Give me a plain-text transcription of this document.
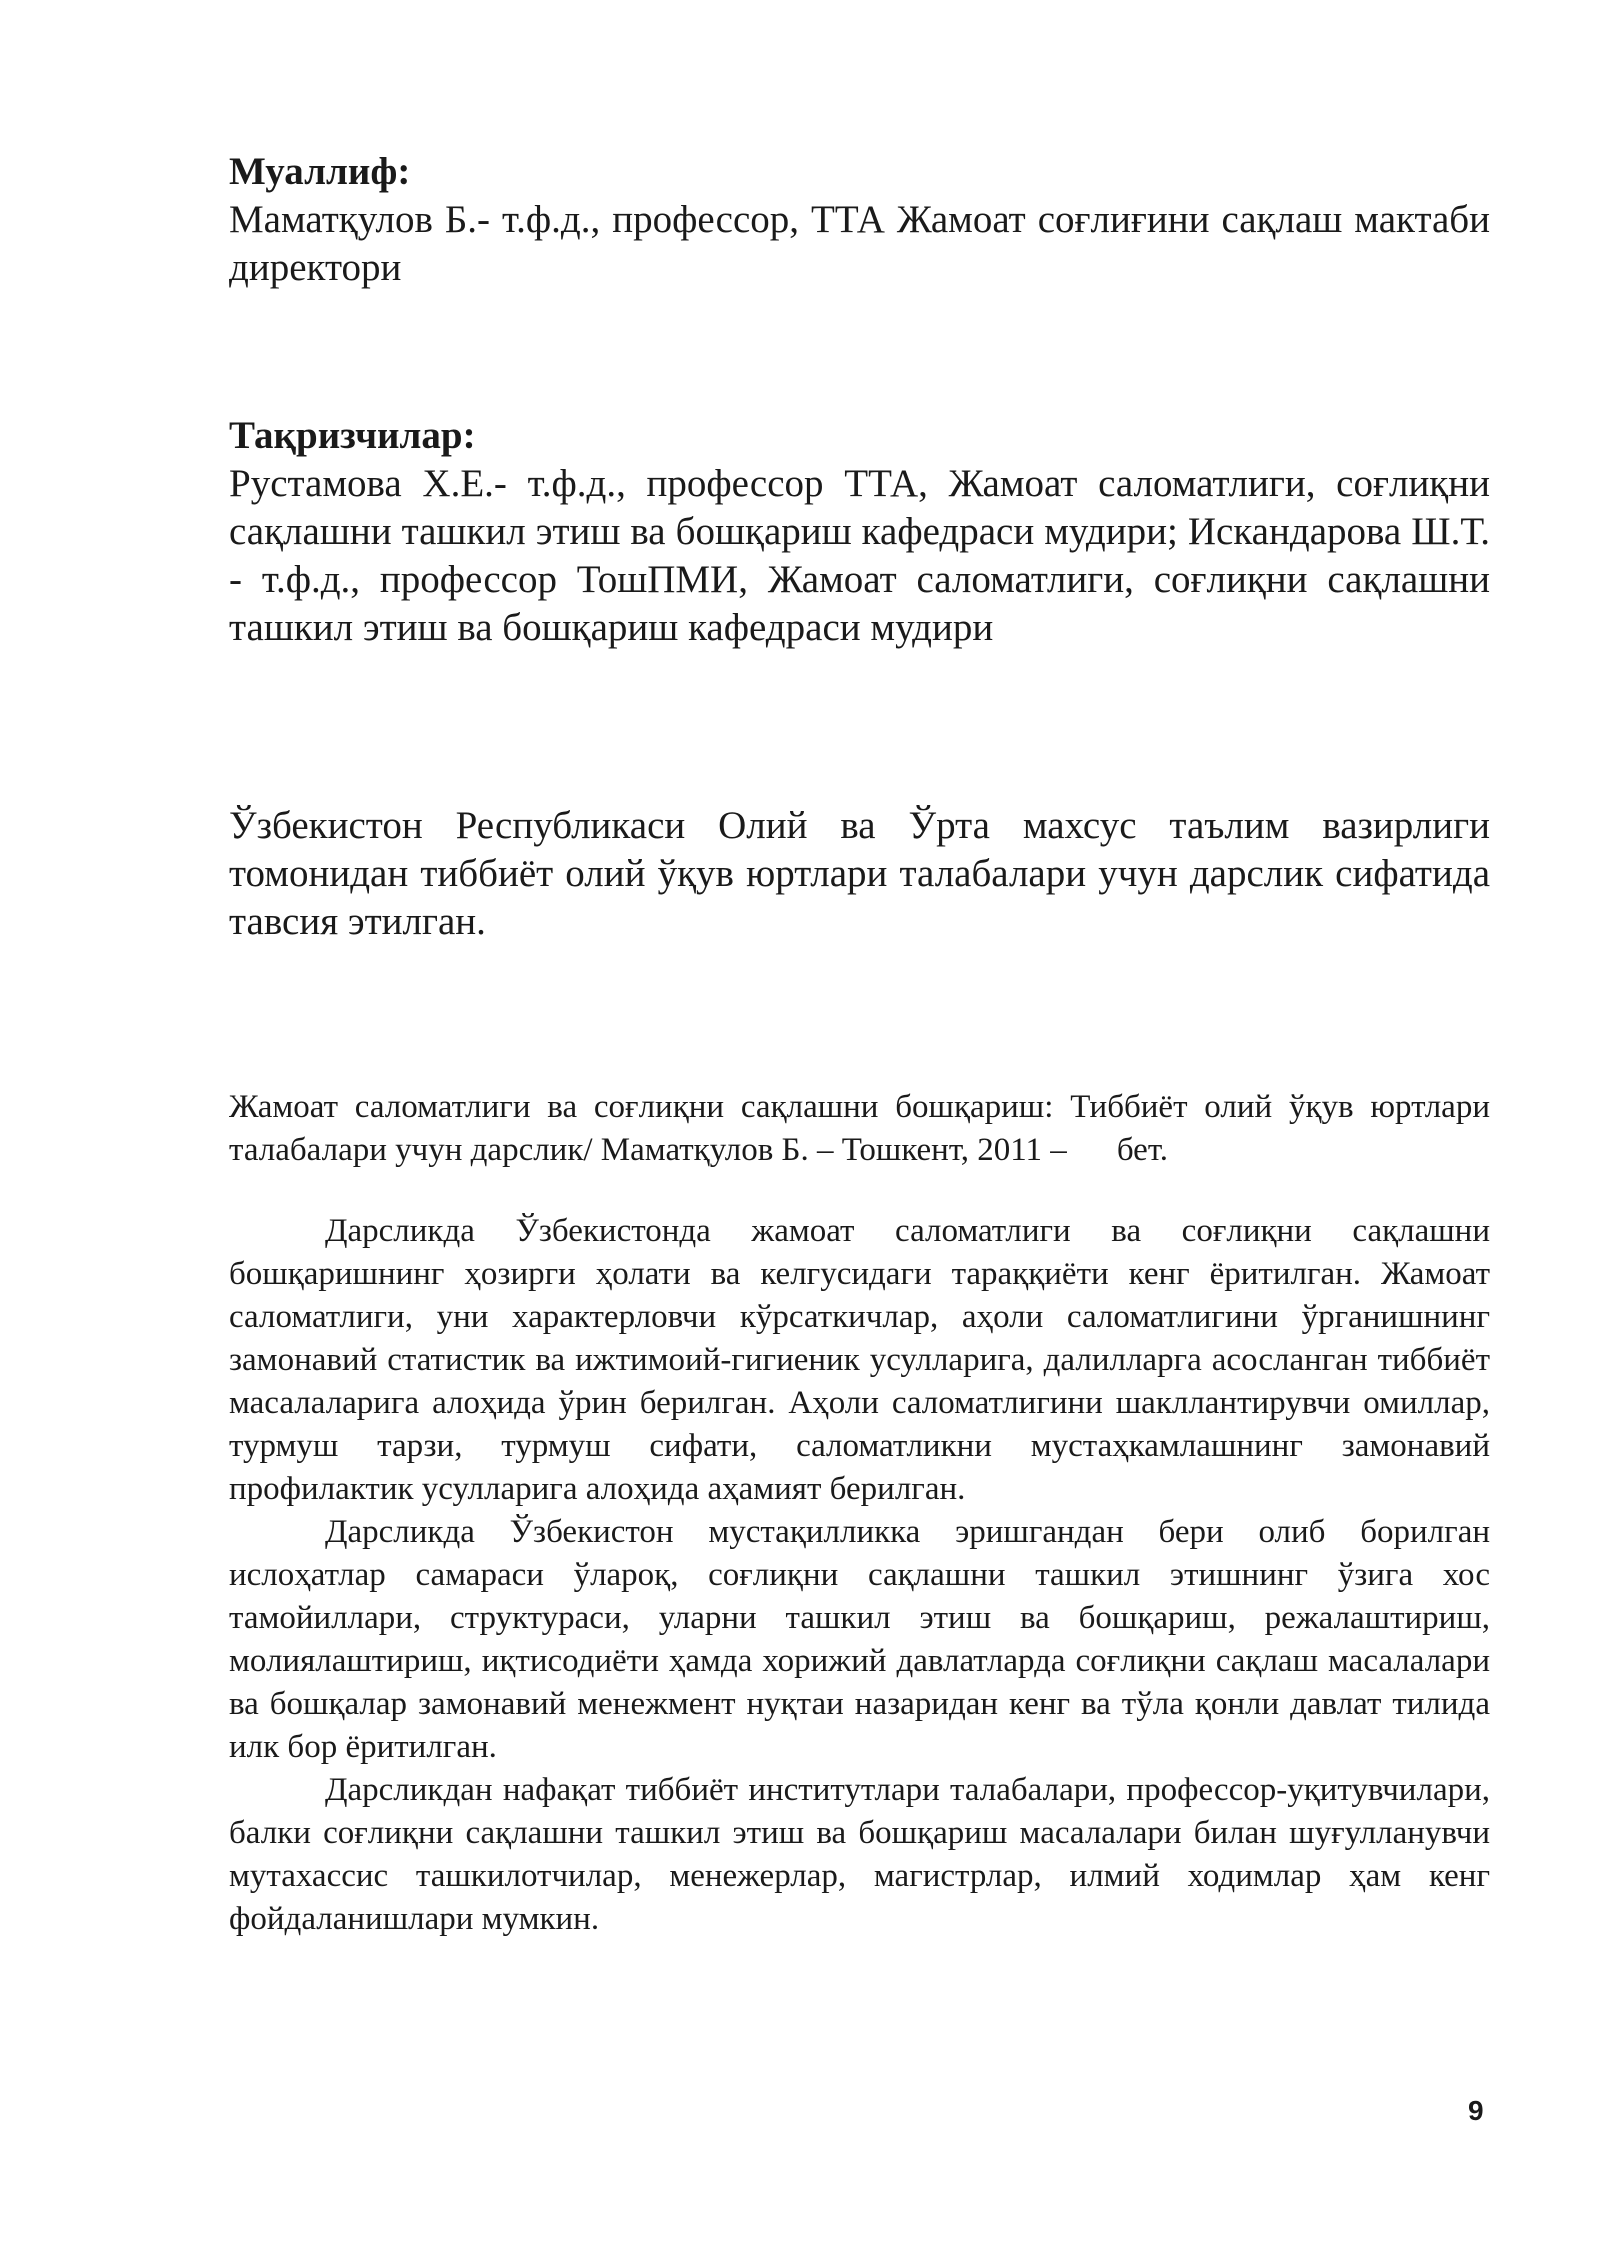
Муаллиф:

Маматқулов Б.- т.ф.д., профессор, ТТА Жамоат соғлиғини сақлаш мактаби директори

Тақризчилар:

Рустамова Х.Е.- т.ф.д., профессор ТТА, Жамоат саломатлиги, соғлиқни сақлашни ташкил этиш ва бошқариш кафедраси мудири; Искандарова Ш.Т. - т.ф.д., профессор ТошПМИ, Жамоат саломатлиги, соғлиқни сақлашни ташкил этиш ва бошқариш кафедраси мудири

Ўзбекистон Республикаси Олий ва Ўрта махсус таълим вазирлиги томонидан тиббиёт олий ўқув юртлари талабалари учун дарслик сифатида тавсия этилган.

Жамоат саломатлиги ва соғлиқни сақлашни бошқариш: Тиббиёт олий ўқув юртлари талабалари учун дарслик/ Маматқулов Б. – Тошкент, 2011 – бет.

Дарсликда Ўзбекистонда жамоат саломатлиги ва соғлиқни сақлашни бошқаришнинг ҳозирги ҳолати ва келгусидаги тараққиёти кенг ёритилган. Жамоат саломатлиги, уни характерловчи кўрсаткичлар, аҳоли саломатлигини ўрганишнинг замонавий статистик ва ижтимоий-гигиеник усулларига, далилларга асосланган тиббиёт масалаларига алоҳида ўрин берилган. Аҳоли саломатлигини шакллантирувчи омиллар, турмуш тарзи, турмуш сифати, саломатликни мустаҳкамлашнинг замонавий профилактик усулларига алоҳида аҳамият берилган.

Дарсликда Ўзбекистон мустақилликка эришгандан бери олиб борилган ислоҳатлар самараси ўлароқ, соғлиқни сақлашни ташкил этишнинг ўзига хос тамойиллари, структураси, уларни ташкил этиш ва бошқариш, режалаштириш, молиялаштириш, иқтисодиёти ҳамда хорижий давлатларда соғлиқни сақлаш масалалари ва бошқалар замонавий менежмент нуқтаи назаридан кенг ва тўла қонли давлат тилида илк бор ёритилган.

Дарсликдан нафақат тиббиёт институтлари талабалари, профессор-уқитувчилари, балки соғлиқни сақлашни ташкил этиш ва бошқариш масалалари билан шуғулланувчи мутахассис ташкилотчилар, менежерлар, магистрлар, илмий ходимлар ҳам кенг фойдаланишлари мумкин.

9
